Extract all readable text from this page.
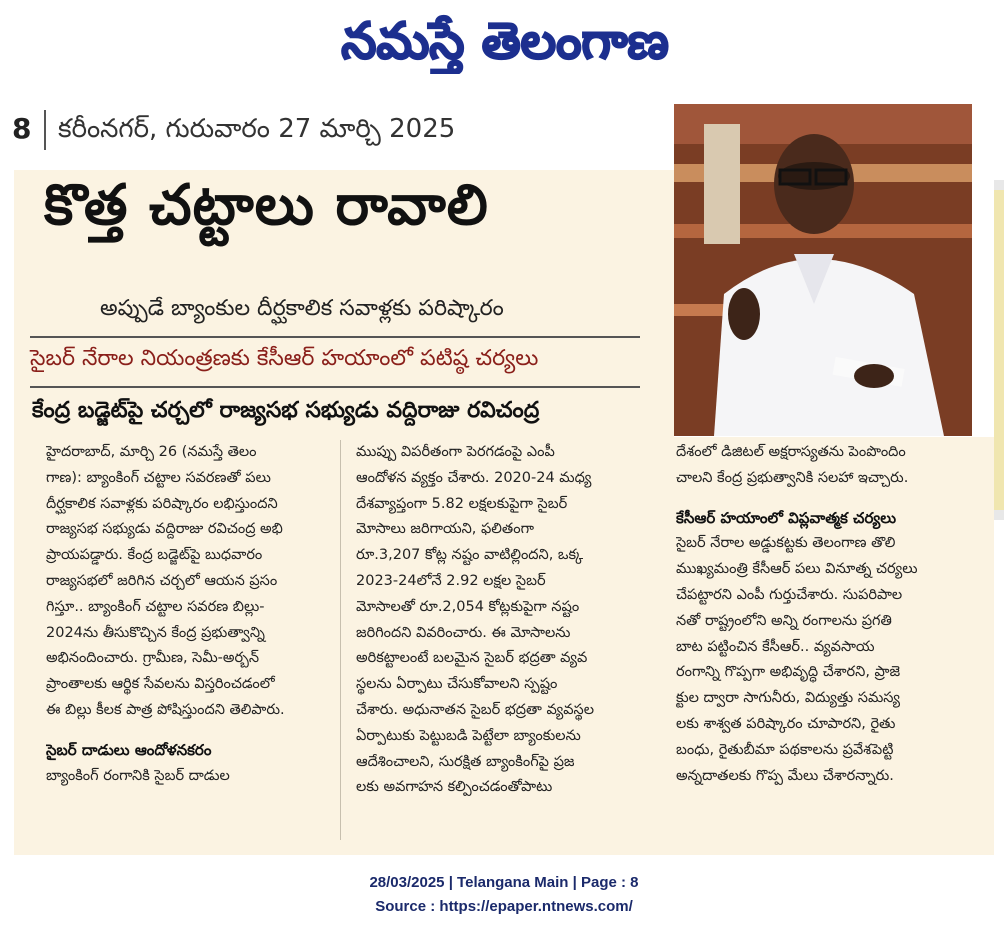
నమస్తే తెలంగాణ
8 కరీంనగర్, గురువారం 27 మార్చి 2025
కొత్త చట్టాలు రావాలి
అప్పుడే బ్యాంకుల దీర్ఘకాలిక సవాళ్లకు పరిష్కారం
సైబర్ నేరాల నియంత్రణకు కేసీఆర్ హయాంలో పటిష్ఠ చర్యలు
కేంద్ర బడ్జెట్‌పై చర్చలో రాజ్యసభ సభ్యుడు వద్దిరాజు రవిచంద్ర
హైదరాబాద్, మార్చి 26 (నమస్తే తెలం
గాణ): బ్యాంకింగ్ చట్టాల సవరణతో పలు
దీర్ఘకాలిక సవాళ్లకు పరిష్కారం లభిస్తుందని
రాజ్యసభ సభ్యుడు వద్దిరాజు రవిచంద్ర అభి
ప్రాయపడ్డారు. కేంద్ర బడ్జెట్‌పై బుధవారం
రాజ్యసభలో జరిగిన చర్చలో ఆయన ప్రసం
గిస్తూ.. బ్యాంకింగ్ చట్టాల సవరణ బిల్లు-
2024ను తీసుకొచ్చిన కేంద్ర ప్రభుత్వాన్ని
అభినందించారు. గ్రామీణ, సెమీ-అర్బన్
ప్రాంతాలకు ఆర్థిక సేవలను విస్తరించడంలో
ఈ బిల్లు కీలక పాత్ర పోషిస్తుందని తెలిపారు.
సైబర్ దాడులు ఆందోళనకరం
బ్యాంకింగ్ రంగానికి సైబర్ దాడుల
ముప్పు విపరీతంగా పెరగడంపై ఎంపీ
ఆందోళన వ్యక్తం చేశారు. 2020-24 మధ్య
దేశవ్యాప్తంగా 5.82 లక్షలకుపైగా సైబర్
మోసాలు జరిగాయని, ఫలితంగా
రూ.3,207 కోట్ల నష్టం వాటిల్లిందని, ఒక్క
2023-24లోనే 2.92 లక్షల సైబర్
మోసాలతో రూ.2,054 కోట్లకుపైగా నష్టం
జరిగిందని వివరించారు. ఈ మోసాలను
అరికట్టాలంటే బలమైన సైబర్ భద్రతా వ్యవ
స్థలను ఏర్పాటు చేసుకోవాలని స్పష్టం
చేశారు. అధునాతన సైబర్ భద్రతా వ్యవస్థల
ఏర్పాటుకు పెట్టుబడి పెట్టేలా బ్యాంకులను
ఆదేశించాలని, సురక్షిత బ్యాంకింగ్‌పై ప్రజ
లకు అవగాహన కల్పించడంతోపాటు
దేశంలో డిజిటల్ అక్షరాస్యతను పెంపొందిం
చాలని కేంద్ర ప్రభుత్వానికి సలహా ఇచ్చారు.
కేసీఆర్ హయాంలో విప్లవాత్మక చర్యలు
సైబర్ నేరాల అడ్డుకట్టకు తెలంగాణ తొలి
ముఖ్యమంత్రి కేసీఆర్ పలు వినూత్న చర్యలు
చేపట్టారని ఎంపీ గుర్తుచేశారు. సుపరిపాల
నతో రాష్ట్రంలోని అన్ని రంగాలను ప్రగతి
బాట పట్టించిన కేసీఆర్.. వ్యవసాయ
రంగాన్ని గొప్పగా అభివృద్ధి చేశారని, ప్రాజె
క్టుల ద్వారా సాగునీరు, విద్యుత్తు సమస్య
లకు శాశ్వత పరిష్కారం చూపారని, రైతు
బంధు, రైతుబీమా పథకాలను ప్రవేశపెట్టి
అన్నదాతలకు గొప్ప మేలు చేశారన్నారు.
28/03/2025 | Telangana Main | Page : 8
Source : https://epaper.ntnews.com/
